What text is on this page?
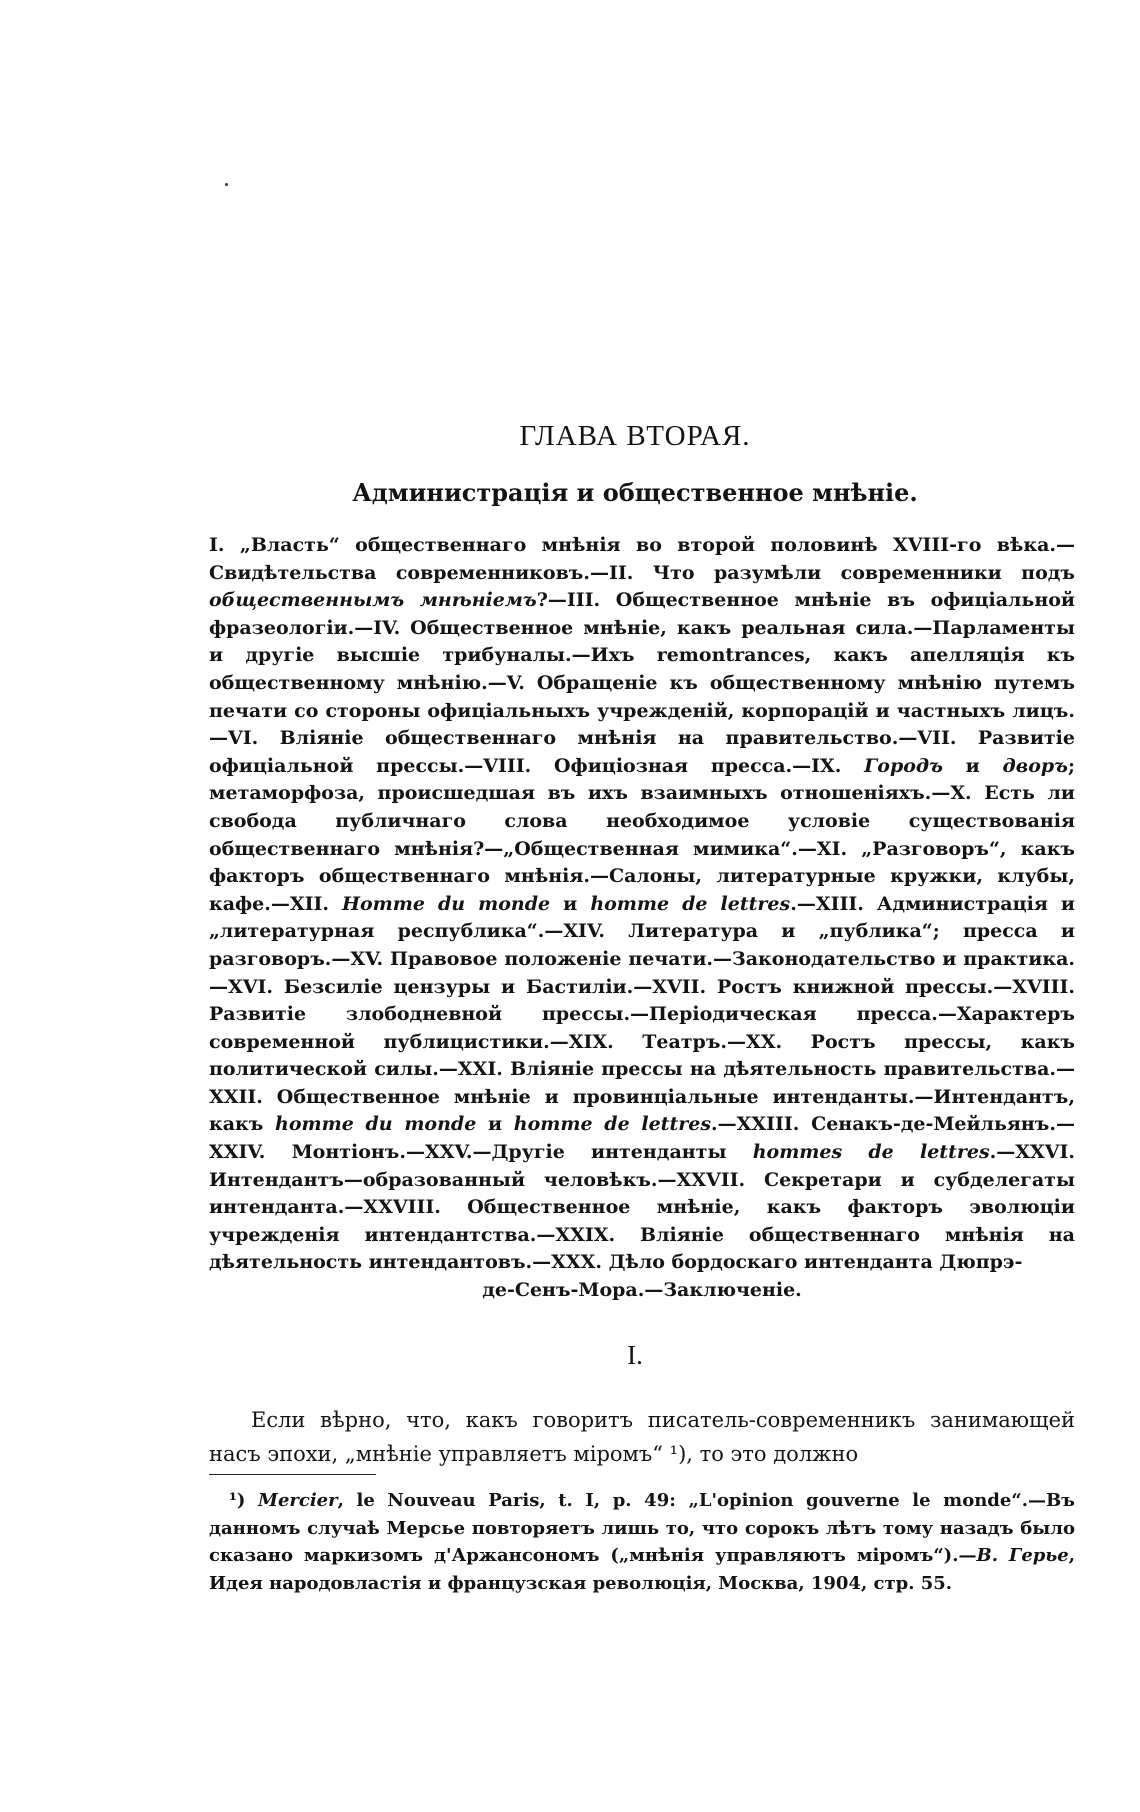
ГЛАВА ВТОРАЯ.
Администрація и общественное мнѣніе.

I. „Власть“ общественнаго мнѣнія во второй половинѣ XVIII-го вѣка.—Свидѣтельства современниковъ.—II. Что разумѣли современники подъ общественнымъ мнѣніемъ?—III. Общественное мнѣніе въ офиціальной фразеологіи.—IV. Общественное мнѣніе, какъ реальная сила.—Парламенты и другіе высшіе трибуналы.—Ихъ remontrances, какъ апелляція къ общественному мнѣнію.—V. Обращеніе къ общественному мнѣнію путемъ печати со стороны офиціальныхъ учрежденій, корпорацій и частныхъ лицъ.—VI. Вліяніе общественнаго мнѣнія на правительство.—VII. Развитіе офиціальной прессы.—VIII. Офиціозная пресса.—IX. Городъ и дворъ; метаморфоза, происшедшая въ ихъ взаимныхъ отношеніяхъ.—X. Есть ли свобода публичнаго слова необходимое условіе существованія общественнаго мнѣнія?—„Общественная мимика“.—XI. „Разговоръ“, какъ факторъ общественнаго мнѣнія.—Салоны, литературные кружки, клубы, кафе.—XII. Homme du monde и homme de lettres.—XIII. Администрація и „литературная республика“.—XIV. Литература и „публика“; пресса и разговоръ.—XV. Правовое положеніе печати.—Законодательство и практика.—XVI. Безсиліе цензуры и Бастиліи.—XVII. Ростъ книжной прессы.—XVIII. Развитіе злободневной прессы.—Періодическая пресса.—Характеръ современной публицистики.—XIX. Театръ.—XX. Ростъ прессы, какъ политической силы.—XXI. Вліяніе прессы на дѣятельность правительства.—XXII. Общественное мнѣніе и провинціальные интенданты.—Интендантъ, какъ homme du monde и homme de lettres.—XXIII. Сенакъ-де-Мейльянъ.—XXIV. Монтіонъ.—XXV.—Другіе интенданты hommes de lettres.—XXVI. Интендантъ—образованный человѣкъ.—XXVII. Секретари и субделегаты интенданта.—XXVIII. Общественное мнѣніе, какъ факторъ эволюціи учрежденія интендантства.—XXIX. Вліяніе общественнаго мнѣнія на дѣятельность интендантовъ.—XXX. Дѣло бордоскаго интенданта Дюпрэ-
де-Сенъ-Мора.—Заключеніе.

I.

Если вѣрно, что, какъ говоритъ писатель-современникъ занимающей насъ эпохи, „мнѣніе управляетъ міромъ“ ¹), то это должно

¹) Mercier, le Nouveau Paris, t. I, p. 49: „L'opinion gouverne le monde“.—Въ данномъ случаѣ Мерсье повторяетъ лишь то, что сорокъ лѣтъ тому назадъ было сказано маркизомъ д'Аржансономъ („мнѣнія управляютъ міромъ“).—В. Герье, Идея народовластія и французская революція, Москва, 1904, стр. 55.
